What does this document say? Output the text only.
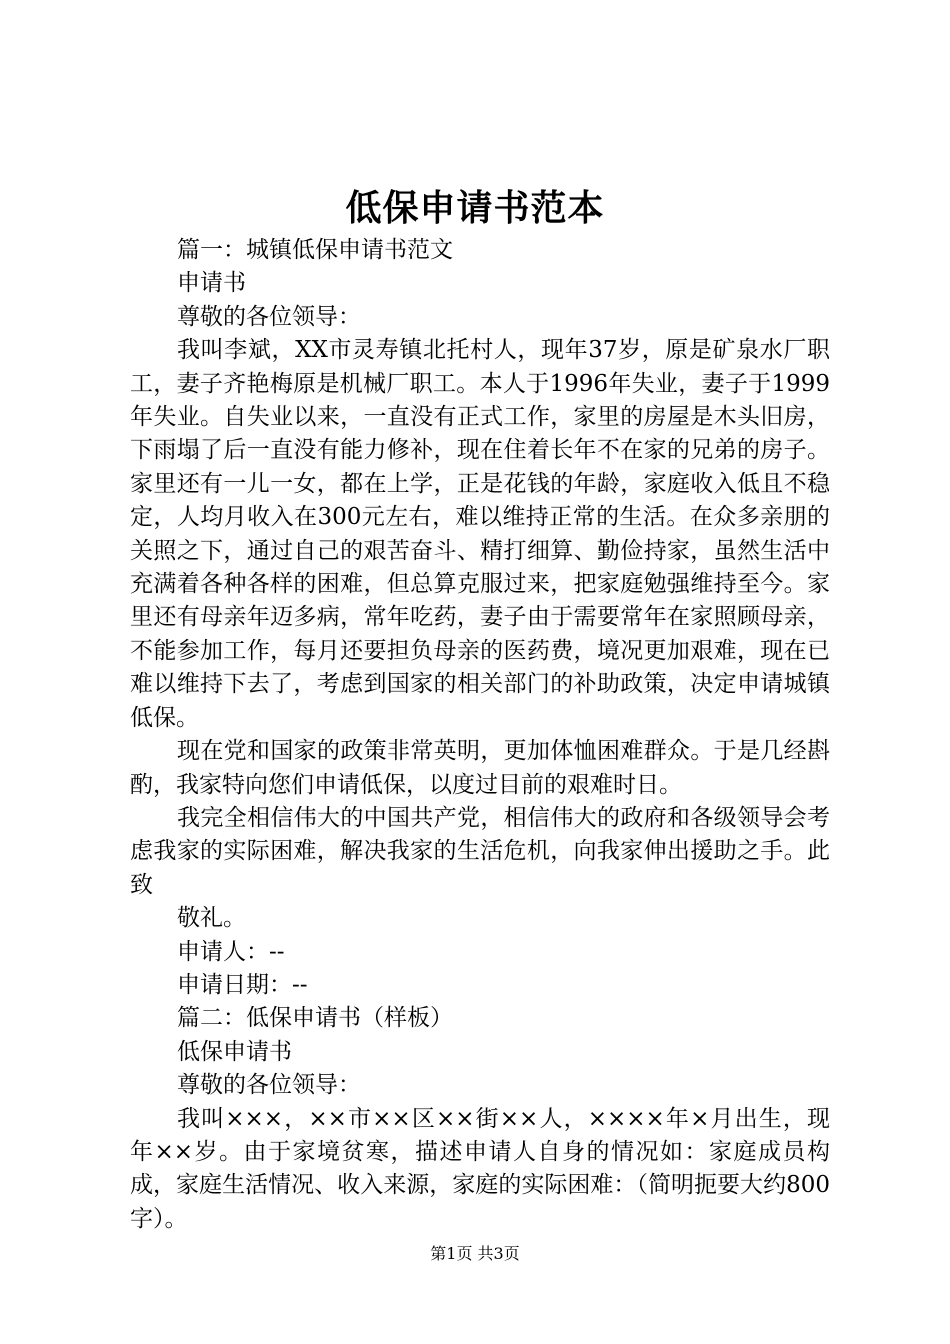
低保申请书范本

篇一：城镇低保申请书范文

申请书

尊敬的各位领导：

我叫李斌，XX市灵寿镇北托村人，现年37岁，原是矿泉水厂职工，妻子齐艳梅原是机械厂职工。本人于1996年失业，妻子于1999年失业。自失业以来，一直没有正式工作，家里的房屋是木头旧房，下雨塌了后一直没有能力修补，现在住着长年不在家的兄弟的房子。家里还有一儿一女，都在上学，正是花钱的年龄，家庭收入低且不稳定，人均月收入在300元左右，难以维持正常的生活。在众多亲朋的关照之下，通过自己的艰苦奋斗、精打细算、勤俭持家，虽然生活中充满着各种各样的困难，但总算克服过来，把家庭勉强维持至今。家里还有母亲年迈多病，常年吃药，妻子由于需要常年在家照顾母亲，不能参加工作，每月还要担负母亲的医药费，境况更加艰难，现在已难以维持下去了，考虑到国家的相关部门的补助政策，决定申请城镇低保。

现在党和国家的政策非常英明，更加体恤困难群众。于是几经斟酌，我家特向您们申请低保，以度过目前的艰难时日。

我完全相信伟大的中国共产党，相信伟大的政府和各级领导会考虑我家的实际困难，解决我家的生活危机，向我家伸出援助之手。此致

敬礼。

申请人：--

申请日期：--

篇二：低保申请书（样板）

低保申请书

尊敬的各位领导：

我叫×××，××市××区××街××人，××××年×月出生，现年××岁。由于家境贫寒，描述申请人自身的情况如：家庭成员构成，家庭生活情况、收入来源，家庭的实际困难：（简明扼要大约800字）。

第1页 共3页
